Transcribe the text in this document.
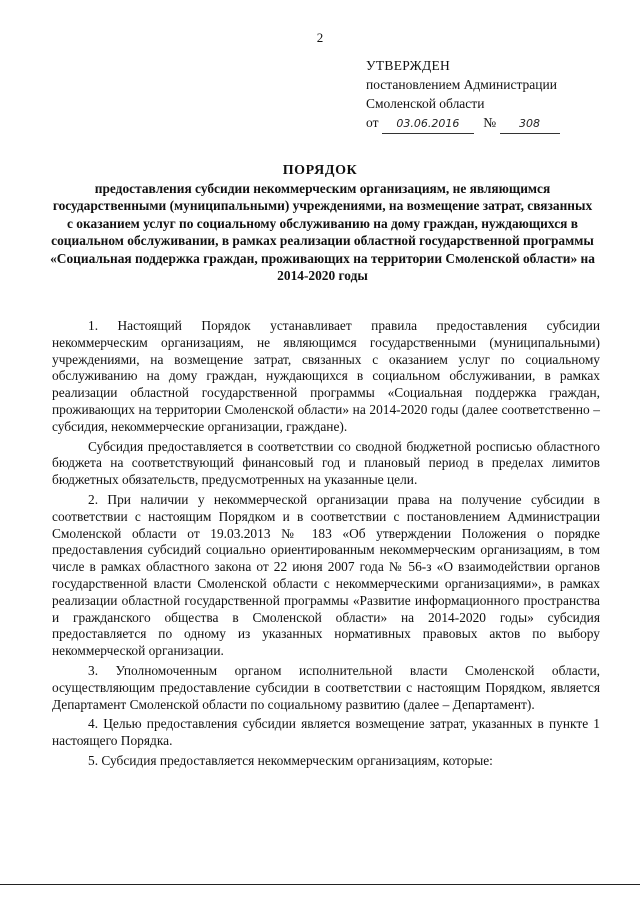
2
УТВЕРЖДЕН
постановлением Администрации
Смоленской области
от 03.06.2016 № 308
ПОРЯДОК
предоставления субсидии некоммерческим организациям, не являющимся государственными (муниципальными) учреждениями, на возмещение затрат, связанных с оказанием услуг по социальному обслуживанию на дому граждан, нуждающихся в социальном обслуживании, в рамках реализации областной государственной программы «Социальная поддержка граждан, проживающих на территории Смоленской области» на 2014-2020 годы

1. Настоящий Порядок устанавливает правила предоставления субсидии некоммерческим организациям, не являющимся государственными (муниципальными) учреждениями, на возмещение затрат, связанных с оказанием услуг по социальному обслуживанию на дому граждан, нуждающихся в социальном обслуживании, в рамках реализации областной государственной программы «Социальная поддержка граждан, проживающих на территории Смоленской области» на 2014-2020 годы (далее соответственно – субсидия, некоммерческие организации, граждане).

Субсидия предоставляется в соответствии со сводной бюджетной росписью областного бюджета на соответствующий финансовый год и плановый период в пределах лимитов бюджетных обязательств, предусмотренных на указанные цели.

2. При наличии у некоммерческой организации права на получение субсидии в соответствии с настоящим Порядком и в соответствии с постановлением Администрации Смоленской области от 19.03.2013 № 183 «Об утверждении Положения о порядке предоставления субсидий социально ориентированным некоммерческим организациям, в том числе в рамках областного закона от 22 июня 2007 года № 56-з «О взаимодействии органов государственной власти Смоленской области с некоммерческими организациями», в рамках реализации областной государственной программы «Развитие информационного пространства и гражданского общества в Смоленской области» на 2014-2020 годы» субсидия предоставляется по одному из указанных нормативных правовых актов по выбору некоммерческой организации.

3. Уполномоченным органом исполнительной власти Смоленской области, осуществляющим предоставление субсидии в соответствии с настоящим Порядком, является Департамент Смоленской области по социальному развитию (далее – Департамент).

4. Целью предоставления субсидии является возмещение затрат, указанных в пункте 1 настоящего Порядка.

5. Субсидия предоставляется некоммерческим организациям, которые:
